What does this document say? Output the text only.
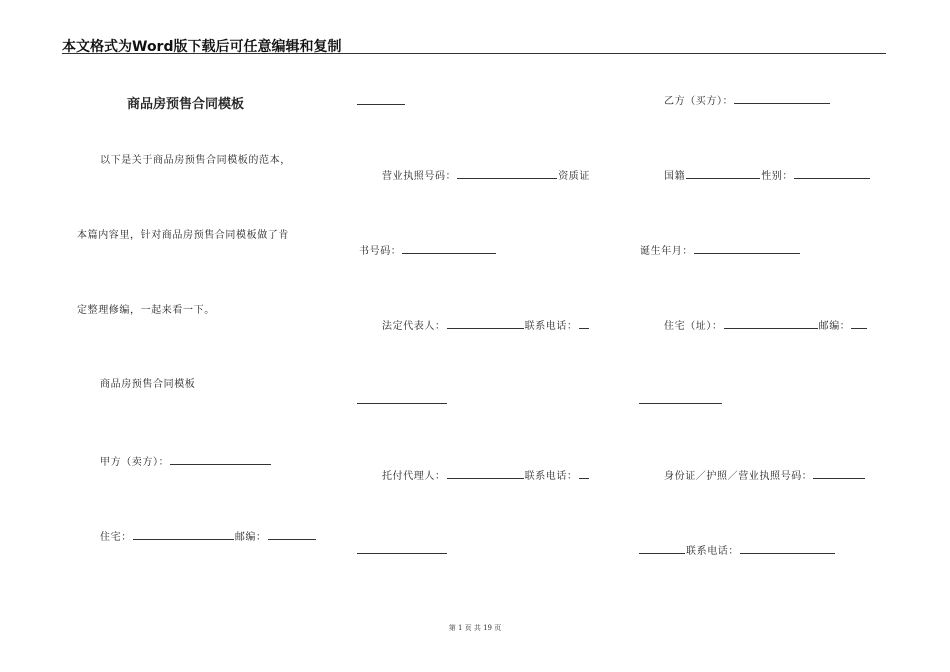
本文格式为Word版下载后可任意编辑和复制
商品房预售合同模板
以下是关于商品房预售合同模板的范本，
本篇内容里，针对商品房预售合同模板做了肯
定整理修编，一起来看一下。
商品房预售合同模板
甲方（卖方）：
住宅：	邮编：
营业执照号码：	资质证
书号码：
法定代表人：	联系电话：
托付代理人：	联系电话：
乙方（买方）：
国籍	性别：
诞生年月：
住宅（址）：	邮编：
身份证／护照／营业执照号码：
联系电话：
第 1 页 共 19 页
